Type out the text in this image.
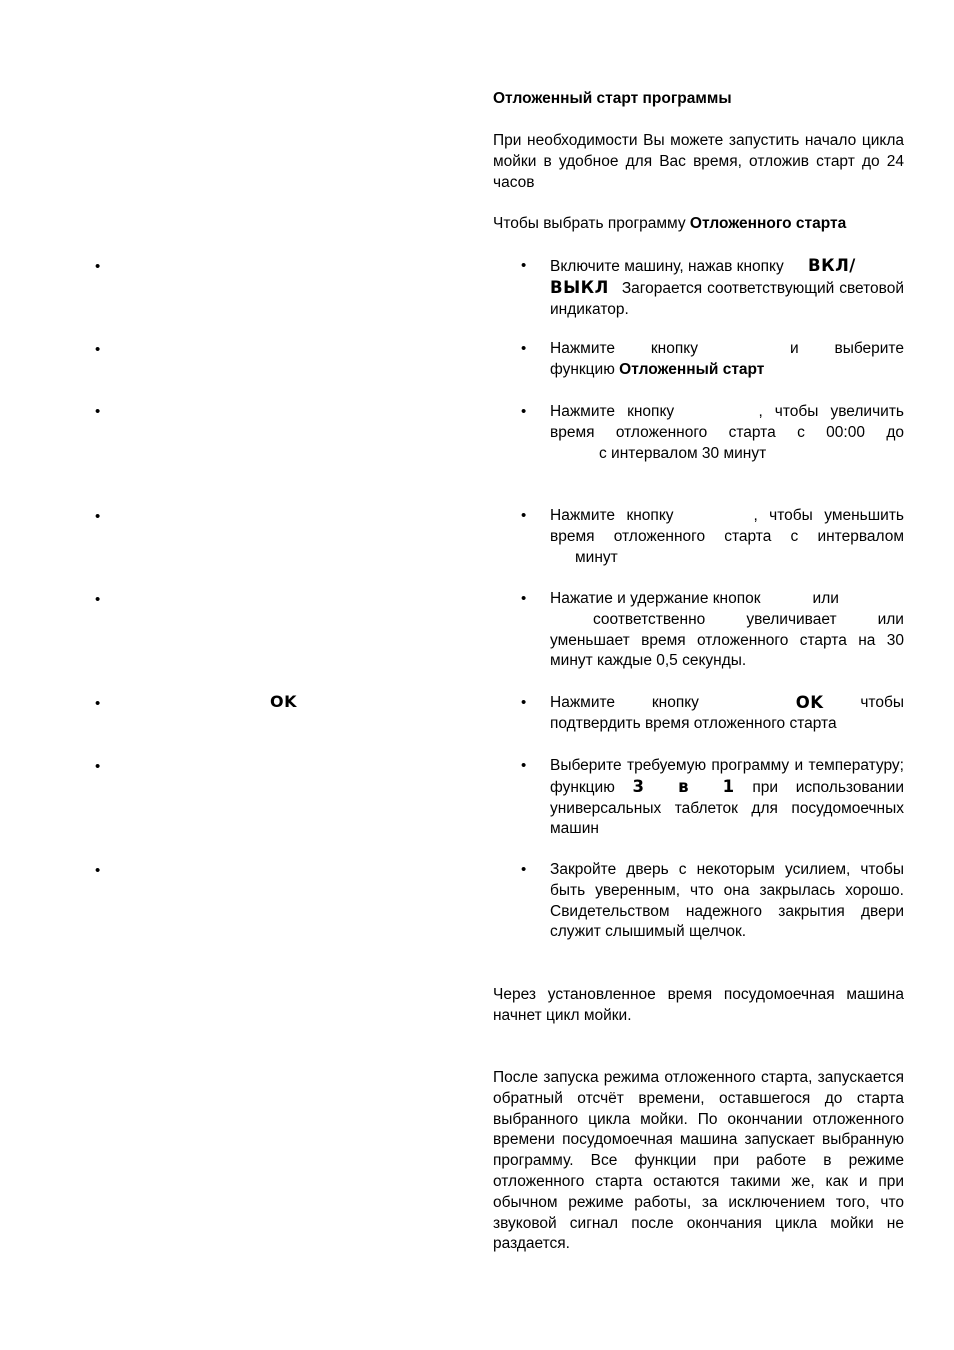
•
•
•
•
•
•
•
•
OK
Отложенный старт программы

При необходимости Вы можете запустить начало цикла мойки в удобное для Вас время, отложив старт до 24 часов

Чтобы выбрать программу Отложенного старта

• Включите машину, нажав кнопку ВКЛ/
ВЫКЛ Загорается соответствующий световой индикатор.
• Нажмите кнопку	и выберите функцию Отложенный старт
• Нажмите кнопку       , чтобы увеличить
время отложенного старта с 00:00 до
с интервалом 30 минут
• Нажмите кнопку       , чтобы уменьшить
время отложенного старта с интервалом
минут
• Нажатие и удержание кнопок	или
соответственно	увеличивает	или
уменьшает время отложенного старта на 30 минут каждые 0,5 секунды.
• Нажмите кнопку	OK чтобы
подтвердить время отложенного старта
• Выберите требуемую программу и температуру; функцию 3 в 1 при использовании универсальных таблеток для посудомоечных машин
• Закройте дверь с некоторым усилием, чтобы быть уверенным, что она закрылась хорошо. Свидетельством надежного закрытия двери служит слышимый щелчок.

Через установленное время посудомоечная машина начнет цикл мойки.

После запуска режима отложенного старта, запускается обратный отсчёт времени, оставшегося до старта выбранного цикла мойки. По окончании отложенного времени посудомоечная машина запускает выбранную программу. Все функции при работе в режиме отложенного старта остаются такими же, как и при обычном режиме работы, за исключением того, что звуковой сигнал после окончания цикла мойки не раздается.
